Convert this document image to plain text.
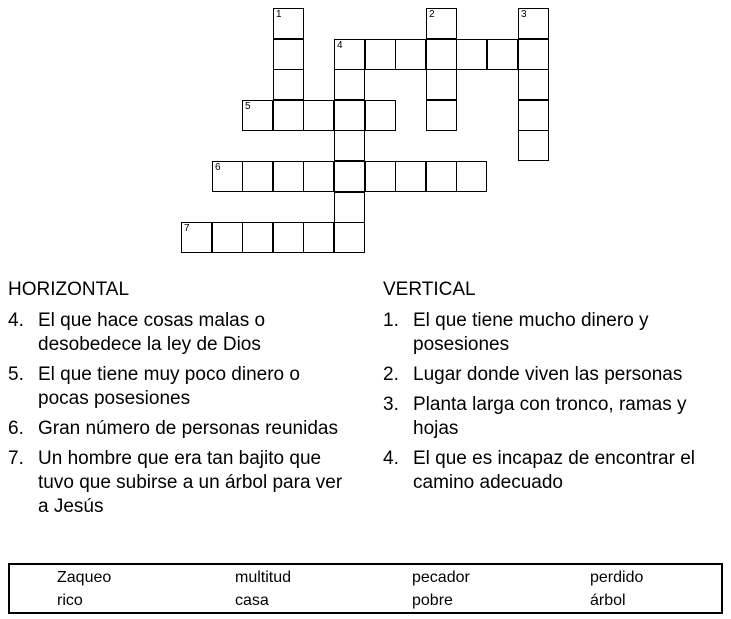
1	2	3
4
5
6
7
HORIZONTAL
4. El que hace cosas malas o desobedece la ley de Dios
5. El que tiene muy poco dinero o pocas posesiones
6. Gran número de personas reunidas
7. Un hombre que era tan bajito que tuvo que subirse a un árbol para ver a Jesús
VERTICAL
1. El que tiene mucho dinero y posesiones
2. Lugar donde viven las personas
3. Planta larga con tronco, ramas y hojas
4. El que es incapaz de encontrar el camino adecuado
Zaqueo	multitud	pecador	perdido
rico	casa	pobre	árbol
